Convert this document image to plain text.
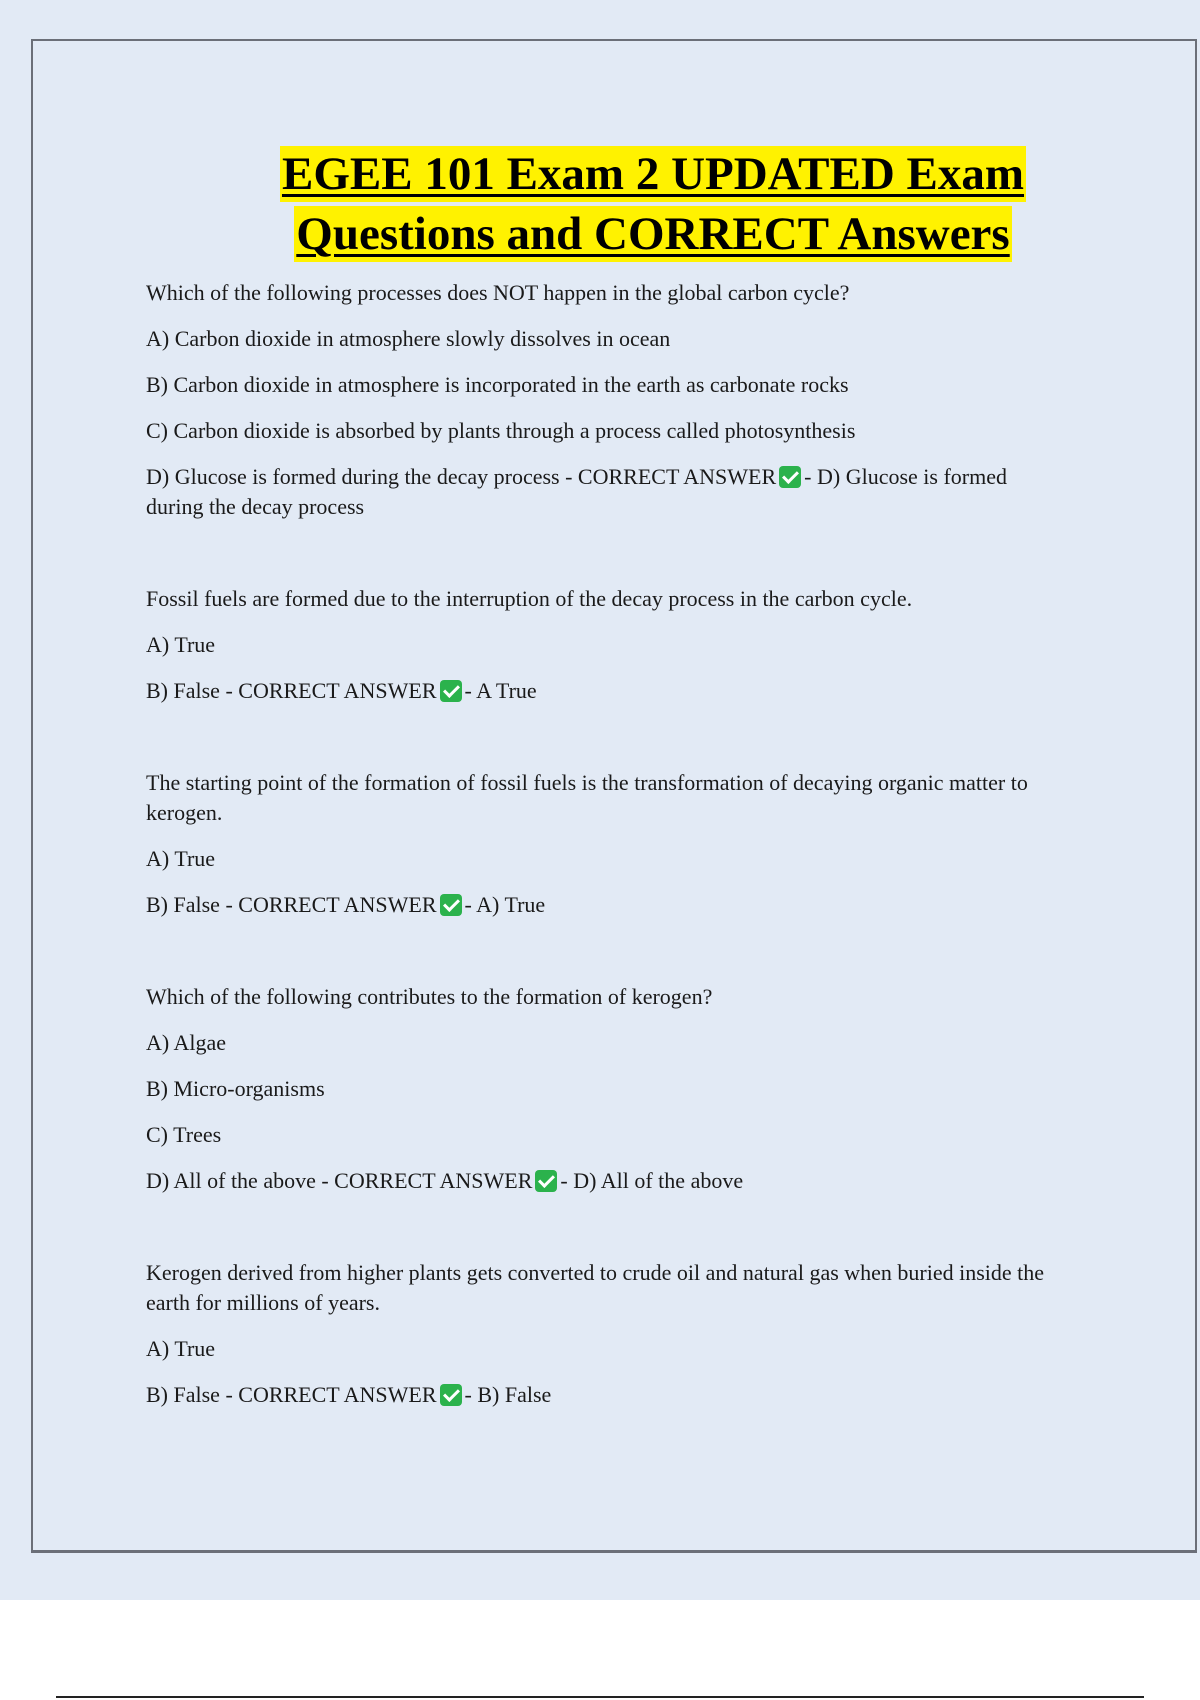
EGEE 101 Exam 2 UPDATED Exam
Questions and CORRECT Answers

Which of the following processes does NOT happen in the global carbon cycle?

A) Carbon dioxide in atmosphere slowly dissolves in ocean

B) Carbon dioxide in atmosphere is incorporated in the earth as carbonate rocks

C) Carbon dioxide is absorbed by plants through a process called photosynthesis

D) Glucose is formed during the decay process - CORRECT ANSWER - D) Glucose is formed during the decay process

Fossil fuels are formed due to the interruption of the decay process in the carbon cycle.

A) True

B) False - CORRECT ANSWER - A True

The starting point of the formation of fossil fuels is the transformation of decaying organic matter to kerogen.

A) True

B) False - CORRECT ANSWER - A) True

Which of the following contributes to the formation of kerogen?

A) Algae

B) Micro-organisms

C) Trees

D) All of the above - CORRECT ANSWER - D) All of the above

Kerogen derived from higher plants gets converted to crude oil and natural gas when buried inside the earth for millions of years.

A) True

B) False - CORRECT ANSWER - B) False
